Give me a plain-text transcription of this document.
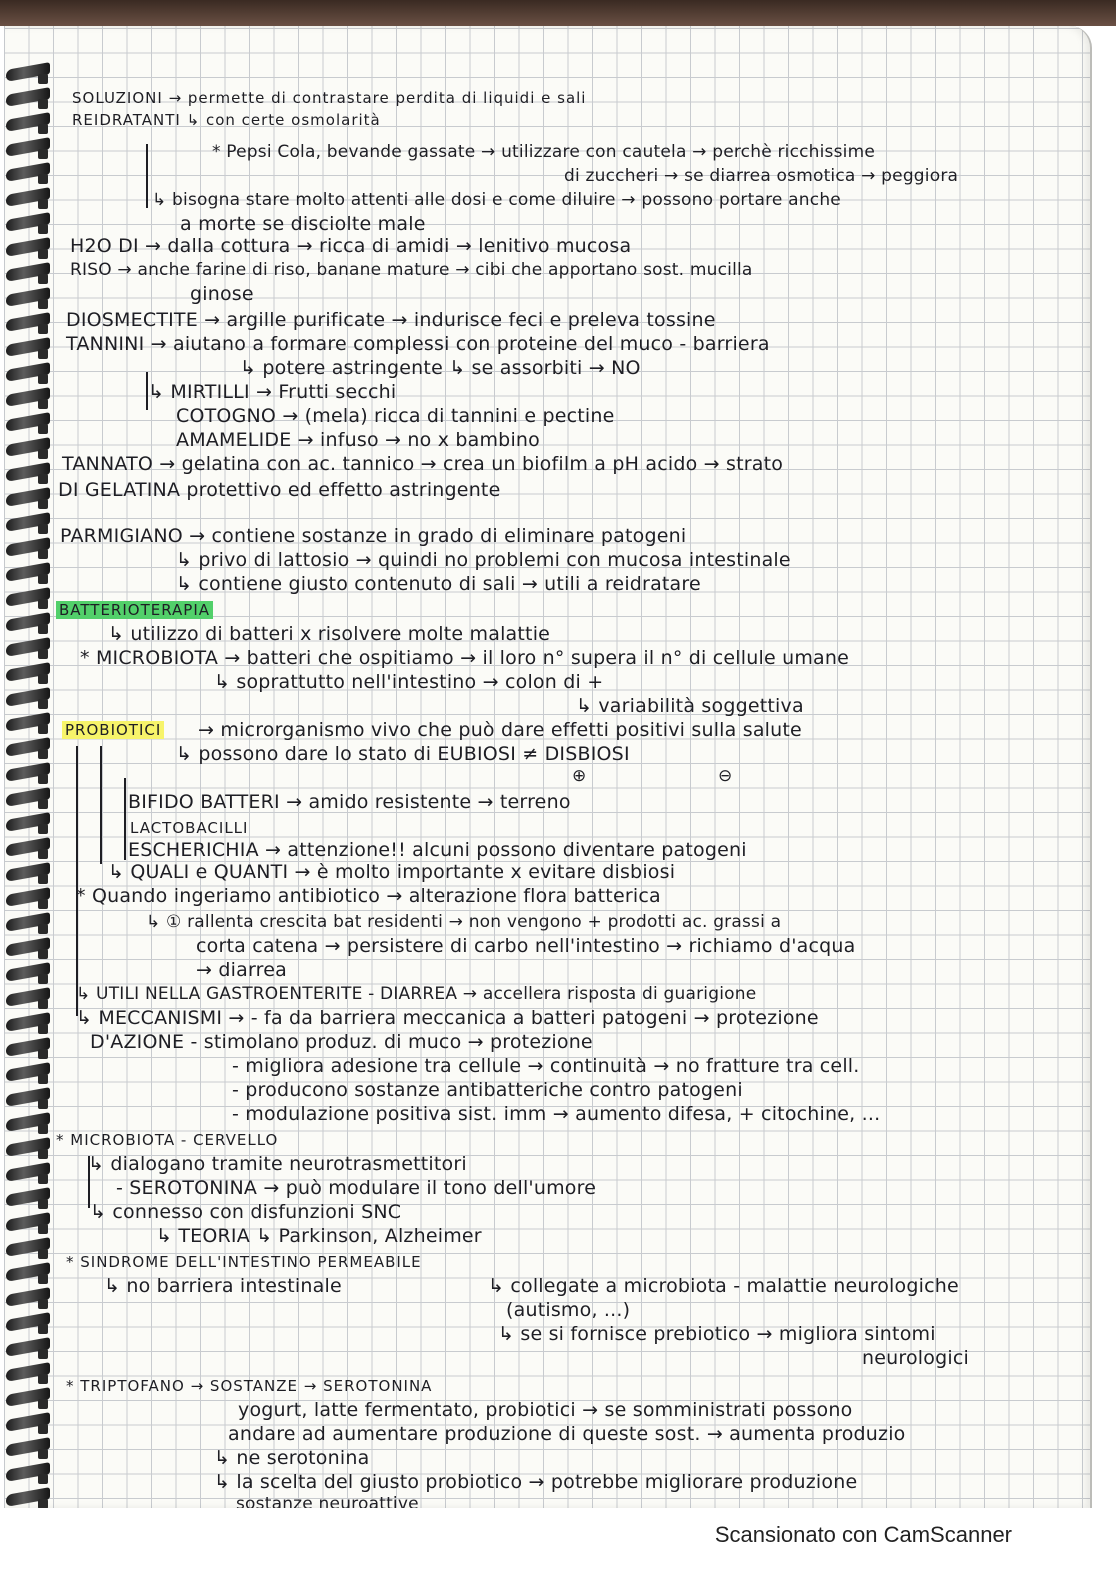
SOLUZIONI → permette di contrastare perdita di liquidi e sali
REIDRATANTI ↳ con certe osmolarità
* Pepsi Cola, bevande gassate → utilizzare con cautela → perchè ricchissime
di zuccheri → se diarrea osmotica → peggiora
↳ bisogna stare molto attenti alle dosi e come diluire → possono portare anche
a morte se disciolte male
H2O DI → dalla cottura → ricca di amidi → lenitivo mucosa
RISO → anche farine di riso, banane mature → cibi che apportano sost. mucilla
ginose
DIOSMECTITE → argille purificate → indurisce feci e preleva tossine
TANNINI → aiutano a formare complessi con proteine del muco - barriera
↳ potere astringente ↳ se assorbiti → NO
↳ MIRTILLI → Frutti secchi
COTOGNO → (mela) ricca di tannini e pectine
AMAMELIDE → infuso → no x bambino
TANNATO → gelatina con ac. tannico → crea un biofilm a pH acido → strato
DI GELATINA protettivo ed effetto astringente
PARMIGIANO → contiene sostanze in grado di eliminare patogeni
↳ privo di lattosio → quindi no problemi con mucosa intestinale
↳ contiene giusto contenuto di sali → utili a reidratare
BATTERIOTERAPIA
↳ utilizzo di batteri x risolvere molte malattie
* MICROBIOTA → batteri che ospitiamo → il loro n° supera il n° di cellule umane
↳ soprattutto nell'intestino → colon di +
↳ variabilità soggettiva
PROBIOTICI → microrganismo vivo che può dare effetti positivi sulla salute
↳ possono dare lo stato di EUBIOSI ≠ DISBIOSI
⊕	⊖
BIFIDO BATTERI → amido resistente → terreno
LACTOBACILLI
ESCHERICHIA → attenzione!! alcuni possono diventare patogeni
↳ QUALI e QUANTI → è molto importante x evitare disbiosi
* Quando ingeriamo antibiotico → alterazione flora batterica
↳ ① rallenta crescita bat residenti → non vengono + prodotti ac. grassi a
corta catena → persistere di carbo nell'intestino → richiamo d'acqua
→ diarrea
↳ UTILI NELLA GASTROENTERITE - DIARREA → accellera risposta di guarigione
↳ MECCANISMI → - fa da barriera meccanica a batteri patogeni → protezione
D'AZIONE - stimolano produz. di muco → protezione
- migliora adesione tra cellule → continuità → no fratture tra cell.
- producono sostanze antibatteriche contro patogeni
- modulazione positiva sist. imm → aumento difesa, + citochine, ...
* MICROBIOTA - CERVELLO
↳ dialogano tramite neurotrasmettitori
- SEROTONINA → può modulare il tono dell'umore
↳ connesso con disfunzioni SNC
↳ TEORIA ↳ Parkinson, Alzheimer
* SINDROME DELL'INTESTINO PERMEABILE
↳ no barriera intestinale	↳ collegate a microbiota - malattie neurologiche
(autismo, ...)
↳ se si fornisce prebiotico → migliora sintomi
neurologici
* TRIPTOFANO → SOSTANZE → SEROTONINA
yogurt, latte fermentato, probiotici → se somministrati possono
andare ad aumentare produzione di queste sost. → aumenta produzio
↳ ne serotonina
↳ la scelta del giusto probiotico → potrebbe migliorare produzione
sostanze neuroattive
Scansionato con CamScanner
